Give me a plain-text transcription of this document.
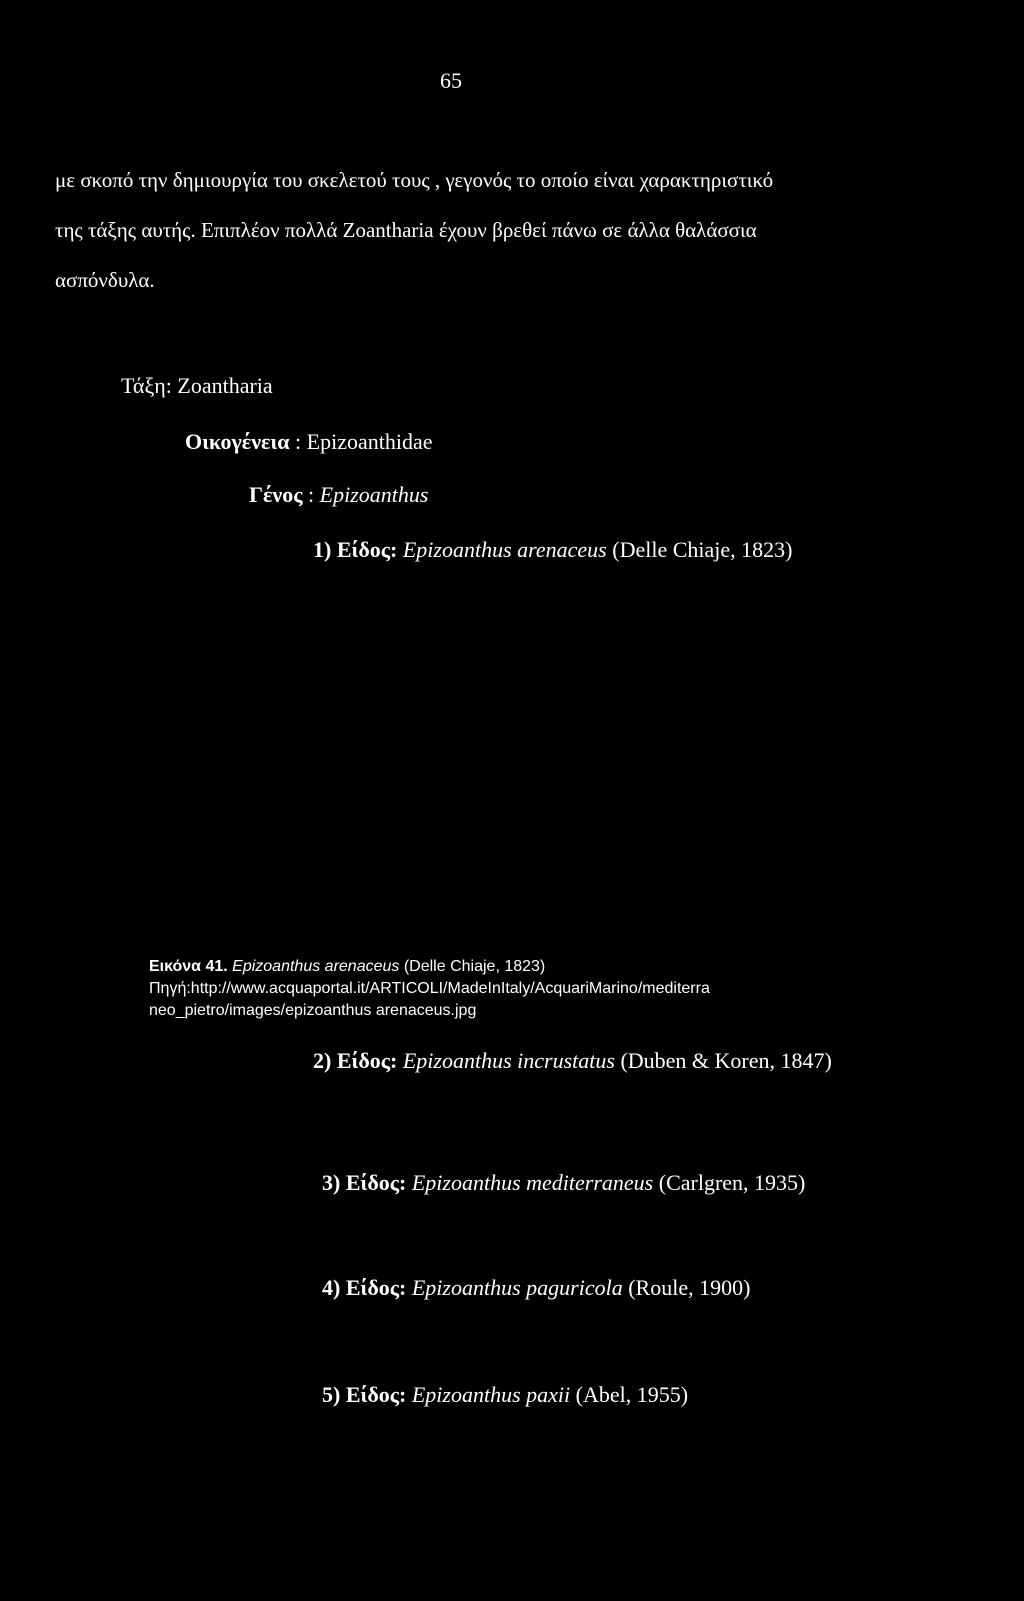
65
με σκοπό την δημιουργία του σκελετού τους , γεγονός το οποίο είναι χαρακτηριστικό
της τάξης αυτής. Επιπλέον πολλά Zoantharia έχουν βρεθεί πάνω σε άλλα θαλάσσια
ασπόνδυλα.
Τάξη: Zoantharia
Οικογένεια : Epizoanthidae
Γένος : Epizoanthus
1) Είδος: Epizoanthus arenaceus (Delle Chiaje, 1823)
Εικόνα 41. Epizoanthus arenaceus (Delle Chiaje, 1823)
Πηγή:http://www.acquaportal.it/ARTICOLI/MadeInItaly/AcquariMarino/mediterra
neo_pietro/images/epizoanthus arenaceus.jpg
2) Είδος: Epizoanthus incrustatus (Duben & Koren, 1847)
3) Είδος: Epizoanthus mediterraneus (Carlgren, 1935)
4) Είδος: Epizoanthus paguricola (Roule, 1900)
5) Είδος: Epizoanthus paxii (Abel, 1955)
